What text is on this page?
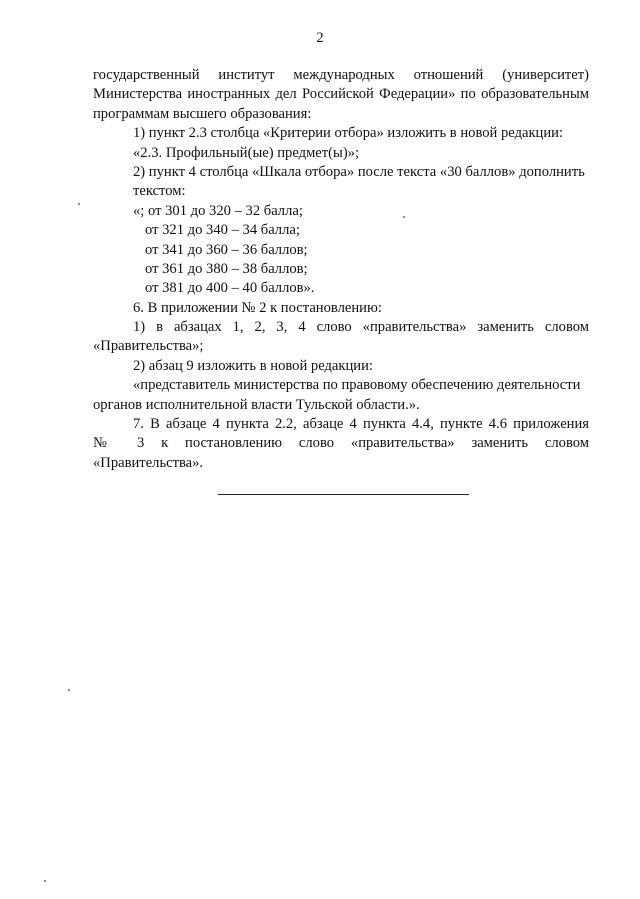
2
государственный институт международных отношений (университет)
Министерства иностранных дел Российской Федерации» по образовательным
программам высшего образования:
1) пункт 2.3 столбца «Критерии отбора» изложить в новой редакции:
«2.3. Профильный(ые) предмет(ы)»;
2) пункт 4 столбца «Шкала отбора» после текста «30 баллов» дополнить
текстом:
«; от 301 до 320 – 32 балла;
от 321 до 340 – 34 балла;
от 341 до 360 – 36 баллов;
от 361 до 380 – 38 баллов;
от 381 до 400 – 40 баллов».
6. В приложении № 2 к постановлению:
1) в абзацах 1, 2, 3, 4 слово «правительства» заменить словом
«Правительства»;
2) абзац 9 изложить в новой редакции:
«представитель министерства по правовому обеспечению деятельности
органов исполнительной власти Тульской области.».
7. В абзаце 4 пункта 2.2, абзаце 4 пункта 4.4, пункте 4.6 приложения
№ 3 к постановлению слово «правительства» заменить словом
«Правительства».
